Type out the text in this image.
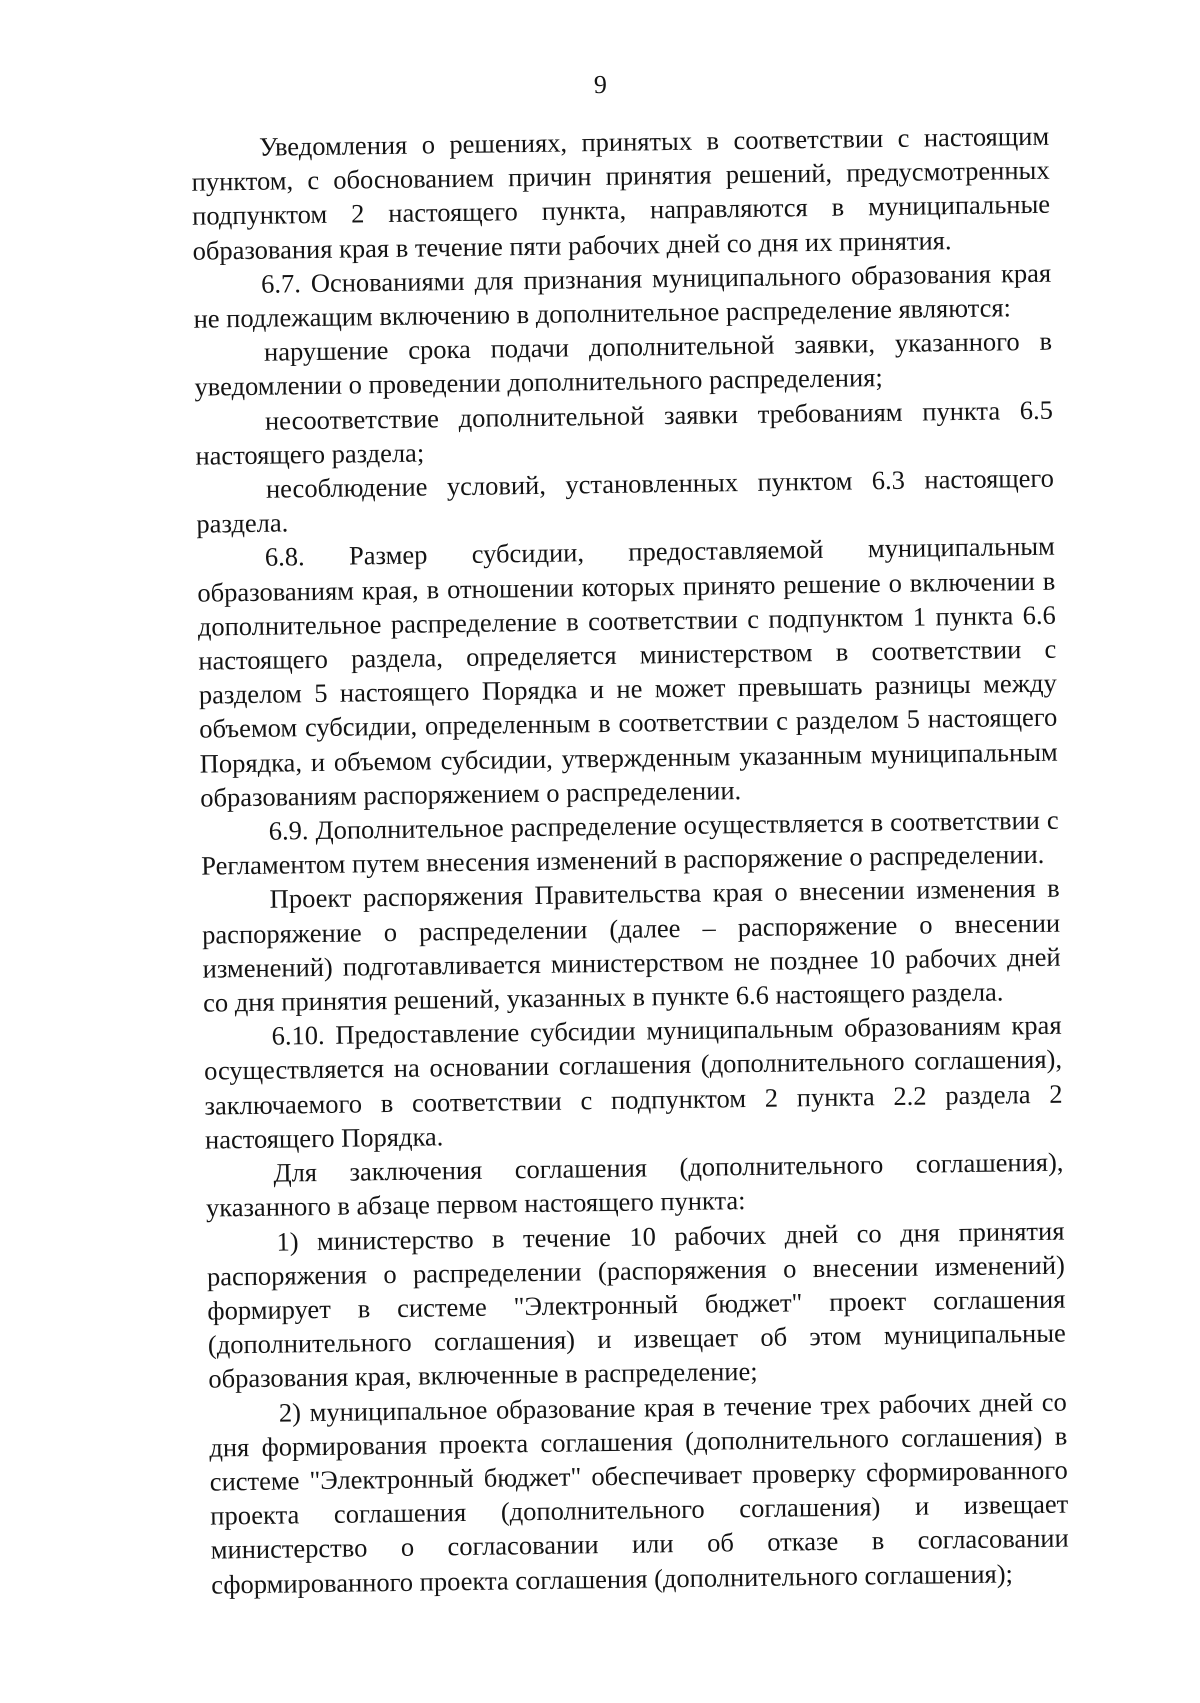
9

Уведомления о решениях, принятых в соответствии с настоящим пунктом, с обоснованием причин принятия решений, предусмотренных подпунктом 2 настоящего пункта, направляются в муниципальные образования края в течение пяти рабочих дней со дня их принятия.

6.7. Основаниями для признания муниципального образования края не подлежащим включению в дополнительное распределение являются:

нарушение срока подачи дополнительной заявки, указанного в уведомлении о проведении дополнительного распределения;

несоответствие дополнительной заявки требованиям пункта 6.5 настоящего раздела;

несоблюдение условий, установленных пунктом 6.3 настоящего раздела.

6.8. Размер субсидии, предоставляемой муниципальным образованиям края, в отношении которых принято решение о включении в дополнительное распределение в соответствии с подпунктом 1 пункта 6.6 настоящего раздела, определяется министерством в соответствии с разделом 5 настоящего Порядка и не может превышать разницы между объемом субсидии, определенным в соответствии с разделом 5 настоящего Порядка, и объемом субсидии, утвержденным указанным муниципальным образованиям распоряжением о распределении.

6.9. Дополнительное распределение осуществляется в соответствии с Регламентом путем внесения изменений в распоряжение о распределении.

Проект распоряжения Правительства края о внесении изменения в распоряжение о распределении (далее – распоряжение о внесении изменений) подготавливается министерством не позднее 10 рабочих дней со дня принятия решений, указанных в пункте 6.6 настоящего раздела.

6.10. Предоставление субсидии муниципальным образованиям края осуществляется на основании соглашения (дополнительного соглашения), заключаемого в соответствии с подпунктом 2 пункта 2.2 раздела 2 настоящего Порядка.

Для заключения соглашения (дополнительного соглашения), указанного в абзаце первом настоящего пункта:

1) министерство в течение 10 рабочих дней со дня принятия распоряжения о распределении (распоряжения о внесении изменений) формирует в системе "Электронный бюджет" проект соглашения (дополнительного соглашения) и извещает об этом муниципальные образования края, включенные в распределение;

2) муниципальное образование края в течение трех рабочих дней со дня формирования проекта соглашения (дополнительного соглашения) в системе "Электронный бюджет" обеспечивает проверку сформированного проекта соглашения (дополнительного соглашения) и извещает министерство о согласовании или об отказе в согласовании сформированного проекта соглашения (дополнительного соглашения);
